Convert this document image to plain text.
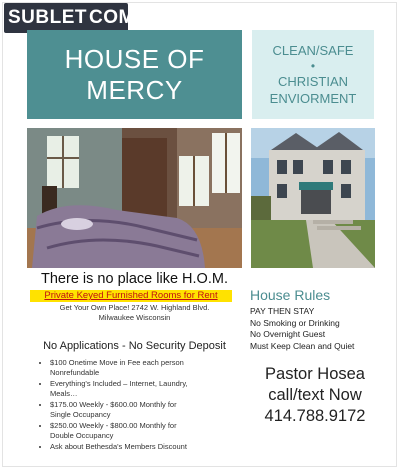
SUBLET COM
HOUSE OF
MERCY
CLEAN/SAFE
•
CHRISTIAN
ENVIORMENT
There is no place like H.O.M.
Private Keyed Furnished Rooms for Rent
Get Your Own Place! 2742 W. Highland Blvd.
Milwaukee Wisconsin
No Applications - No Security Deposit
• $100 Onetime Move in Fee each person
Nonrefundable
• Everything's Included – Internet, Laundry,
Meals…
• $175.00 Weekly - $600.00 Monthly for
Single Occupancy
• $250.00 Weekly - $800.00 Monthly for
Double Occupancy
• Ask about Bethesda's Members Discount
House Rules
PAY THEN STAY
No Smoking or Drinking
No Overnight Guest
Must Keep Clean and Quiet
Pastor Hosea
call/text Now
414.788.9172
